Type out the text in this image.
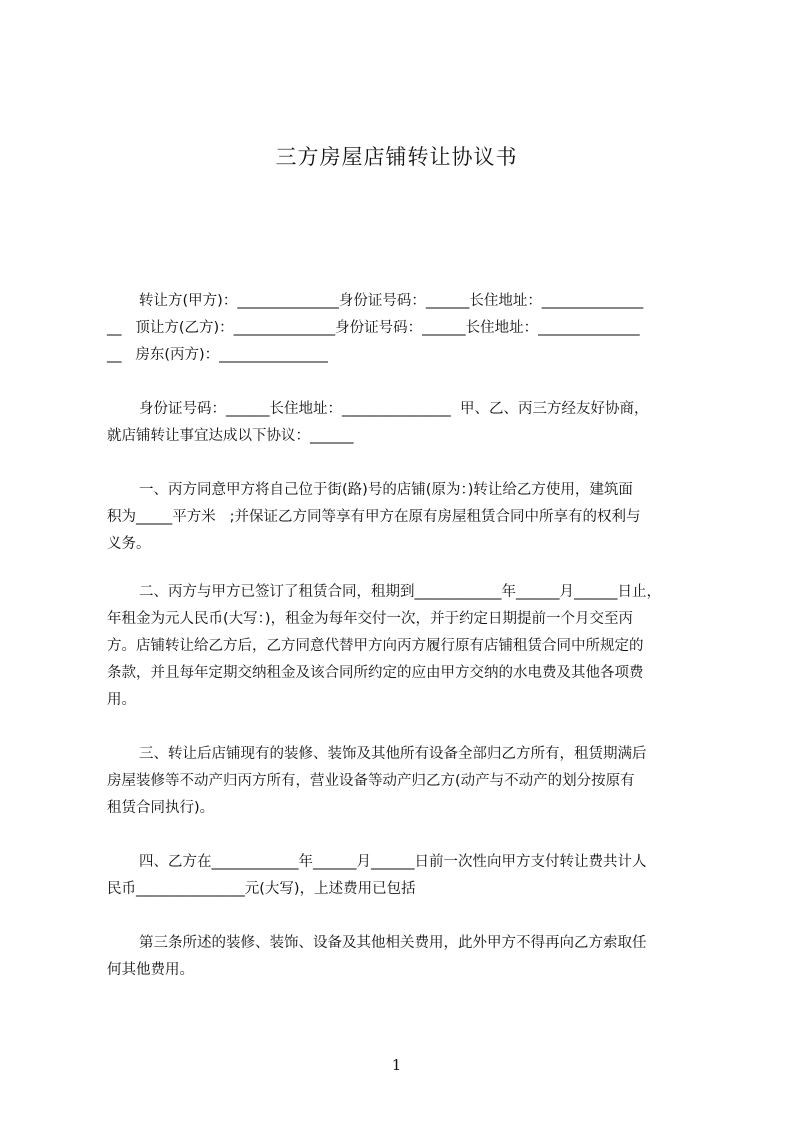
三方房屋店铺转让协议书
转让方(甲方)：______________身份证号码：______长住地址：______________
__   顶让方(乙方)：______________身份证号码：______长住地址：______________
__   房东(丙方)：_______________
身份证号码：______长住地址：_______________  甲、乙、丙三方经友好协商，
就店铺转让事宜达成以下协议：______
一、丙方同意甲方将自己位于街(路)号的店铺(原为：)转让给乙方使用，建筑面
积为_____平方米   ;并保证乙方同等享有甲方在原有房屋租赁合同中所享有的权利与
义务。
二、丙方与甲方已签订了租赁合同，租期到____________年______月______日止，
年租金为元人民币(大写：)，租金为每年交付一次，并于约定日期提前一个月交至丙
方。店铺转让给乙方后，乙方同意代替甲方向丙方履行原有店铺租赁合同中所规定的
条款，并且每年定期交纳租金及该合同所约定的应由甲方交纳的水电费及其他各项费
用。
三、转让后店铺现有的装修、装饰及其他所有设备全部归乙方所有，租赁期满后
房屋装修等不动产归丙方所有，营业设备等动产归乙方(动产与不动产的划分按原有
租赁合同执行)。
四、乙方在____________年______月______日前一次性向甲方支付转让费共计人
民币_______________元(大写)，上述费用已包括
第三条所述的装修、装饰、设备及其他相关费用，此外甲方不得再向乙方索取任
何其他费用。
1
